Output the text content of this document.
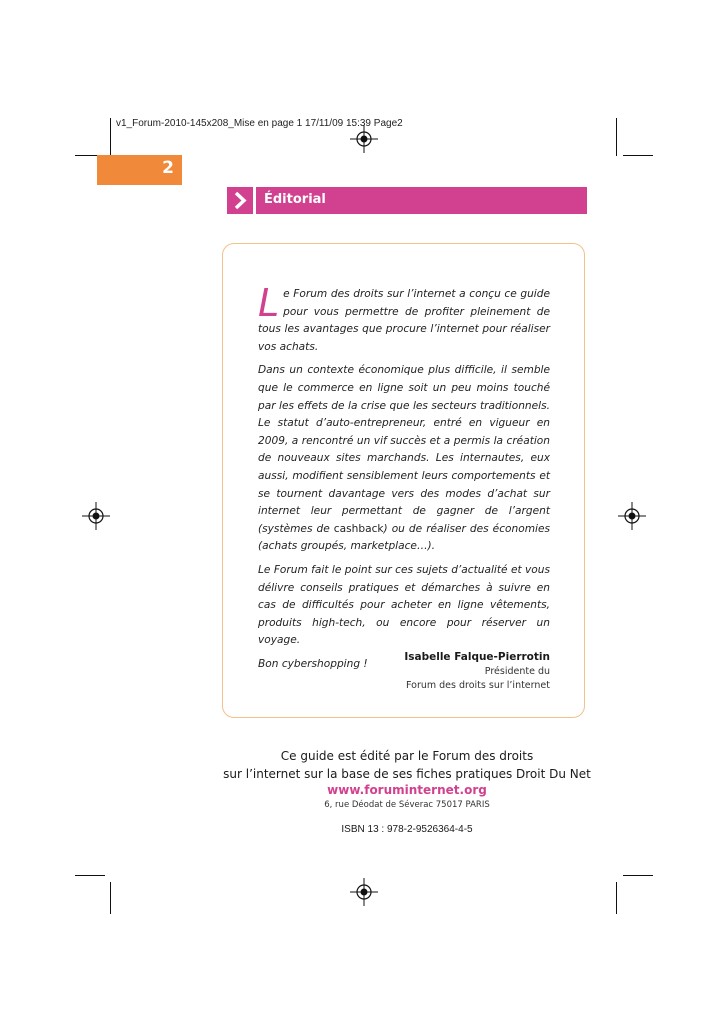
v1_Forum-2010-145x208_Mise en page 1 17/11/09 15:39 Page2
2
Éditorial

Le Forum des droits sur l’internet a conçu ce guide pour vous permettre de profiter pleinement de tous les avantages que procure l’internet pour réaliser vos achats.

Dans un contexte économique plus difficile, il semble que le commerce en ligne soit un peu moins touché par les effets de la crise que les secteurs traditionnels. Le statut d’auto-entrepreneur, entré en vigueur en 2009, a rencontré un vif succès et a permis la création de nouveaux sites marchands. Les internautes, eux aussi, modifient sensiblement leurs comportements et se tournent davantage vers des modes d’achat sur internet leur permettant de gagner de l’argent (systèmes de cashback) ou de réaliser des économies (achats groupés, marketplace…).

Le Forum fait le point sur ces sujets d’actualité et vous délivre conseils pratiques et démarches à suivre en cas de difficultés pour acheter en ligne vêtements, produits high-tech, ou encore pour réserver un voyage.

Bon cybershopping !

Isabelle Falque-Pierrotin
Présidente du
Forum des droits sur l’internet
Ce guide est édité par le Forum des droits
sur l’internet sur la base de ses fiches pratiques Droit Du Net
www.foruminternet.org
6, rue Déodat de Séverac 75017 PARIS
ISBN 13 : 978-2-9526364-4-5
